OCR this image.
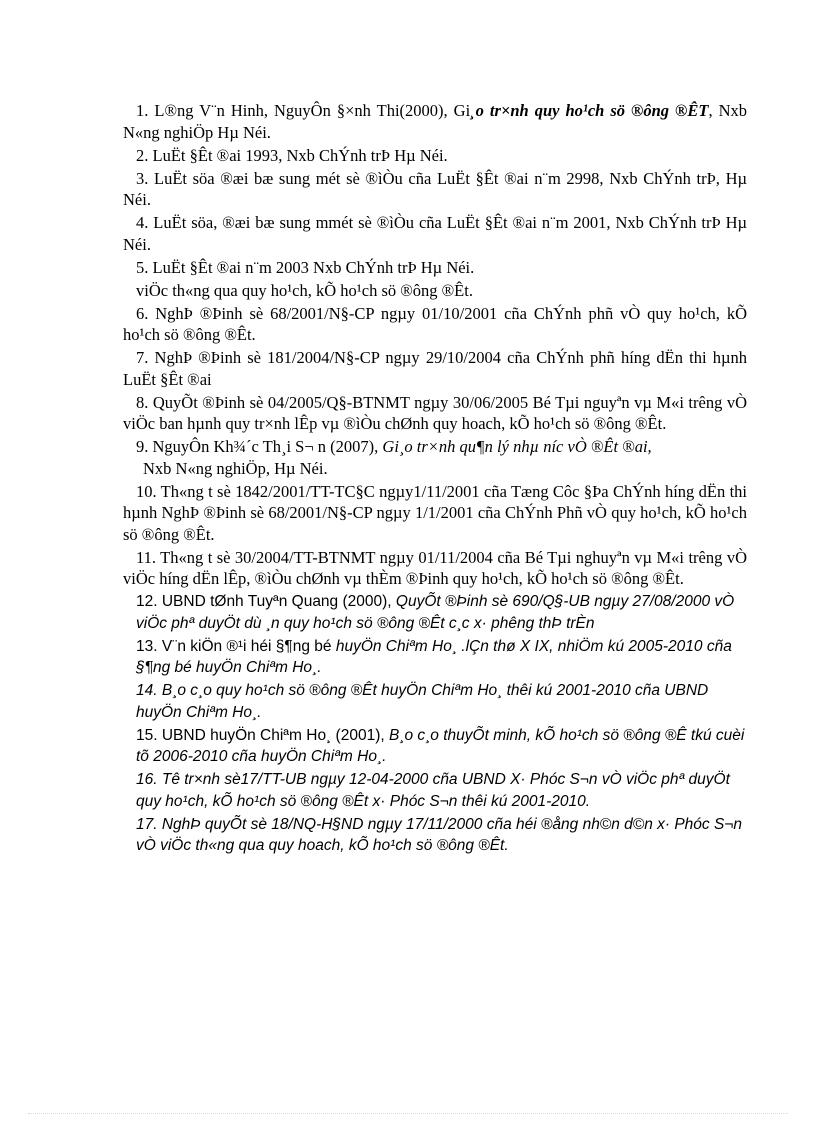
1. L®ng V¨n Hinh, NguyÔn §×nh Thi(2000), Gi¸o tr×nh quy ho¹ch sö ®ông ®ÊT, Nxb N«ng nghiÖp Hµ Néi.

2. LuËt §Êt ®ai 1993, Nxb ChÝnh trÞ Hµ Néi.

3. LuËt söa ®æi bæ sung mét sè ®ìÒu cña LuËt §Êt ®ai n¨m 2998, Nxb ChÝnh trÞ, Hµ Néi.

4. LuËt söa, ®æi bæ sung mmét sè ®ìÒu cña LuËt §Êt ®ai n¨m 2001, Nxb ChÝnh trÞ Hµ Néi.

5. LuËt §Êt ®ai n¨m 2003 Nxb ChÝnh trÞ Hµ Néi.

viÖc th«ng qua quy ho¹ch, kÕ ho¹ch sö ®ông ®Êt.

6. NghÞ ®Þinh sè 68/2001/N§-CP ngµy 01/10/2001 cña ChÝnh phñ vÒ quy ho¹ch, kÕ ho¹ch sö ®ông ®Êt.

7. NghÞ ®Þinh sè 181/2004/N§-CP ngµy 29/10/2004 cña ChÝnh phñ híng dËn thi hµnh LuËt §Êt ®ai

8. QuyÕt ®Þinh sè 04/2005/Q§-BTNMT ngµy 30/06/2005 Bé Tµi nguyªn vµ M«i trêng vÒ viÖc ban hµnh quy tr×nh lÊp vµ ®ìÒu chØnh quy hoach, kÕ ho¹ch sö ®ông ®Êt.

9. NguyÔn Kh¾´c Th¸i S¬ n (2007), Gi¸o tr×nh qu¶n lý nhµ níc vÒ ®Êt ®ai,
Nxb N«ng nghiÖp, Hµ Néi.

10. Th«ng t sè 1842/2001/TT-TC§C ngµy1/11/2001 cña Tæng Côc §Þa ChÝnh híng dËn thi hµnh NghÞ ®Þinh sè 68/2001/N§-CP ngµy 1/1/2001 cña ChÝnh Phñ vÒ quy ho¹ch, kÕ ho¹ch sö ®ông ®Êt.

11. Th«ng t sè 30/2004/TT-BTNMT ngµy 01/11/2004 cña Bé Tµi nghuyªn vµ M«i trêng vÒ viÖc híng dËn lÊp, ®ìÒu chØnh vµ thÈm ®Þinh quy ho¹ch, kÕ ho¹ch sö ®ông ®Êt.

12. UBND tØnh Tuyªn Quang (2000), QuyÕt ®Þinh sè 690/Q§-UB ngµy 27/08/2000 vÒ viÖc phª duyÖt dù ¸n quy ho¹ch sö ®ông ®Êt c¸c x· phêng thÞ trÈn

13. V¨n kiÖn ®¹i héi §¶ng bé huyÖn Chiªm Ho¸ .lÇn thø X IX, nhiÖm kú 2005-2010 cña §¶ng bé huyÖn Chiªm Ho¸.

14. B¸o c¸o quy ho¹ch sö ®ông ®Êt huyÖn Chiªm Ho¸ thêi kú 2001-2010 cña UBND huyÖn Chiªm Ho¸.

15. UBND huyÖn Chiªm Ho¸ (2001), B¸o c¸o thuyÕt minh, kÕ ho¹ch sö ®ông ®Ê tkú cuèi tõ 2006-2010 cña huyÖn Chiªm Ho¸.

16. Tê tr×nh sè17/TT-UB ngµy 12-04-2000 cña UBND X· Phóc S¬n vÒ viÖc phª duyÖt quy ho¹ch, kÕ ho¹ch sö ®ông ®Êt x· Phóc S¬n thêi kú 2001-2010.

17. NghÞ quyÕt sè 18/NQ-H§ND ngµy 17/11/2000 cña héi ®ång nh©n d©n x· Phóc S¬n vÒ viÖc th«ng qua quy hoach, kÕ ho¹ch sö ®ông ®Êt.
